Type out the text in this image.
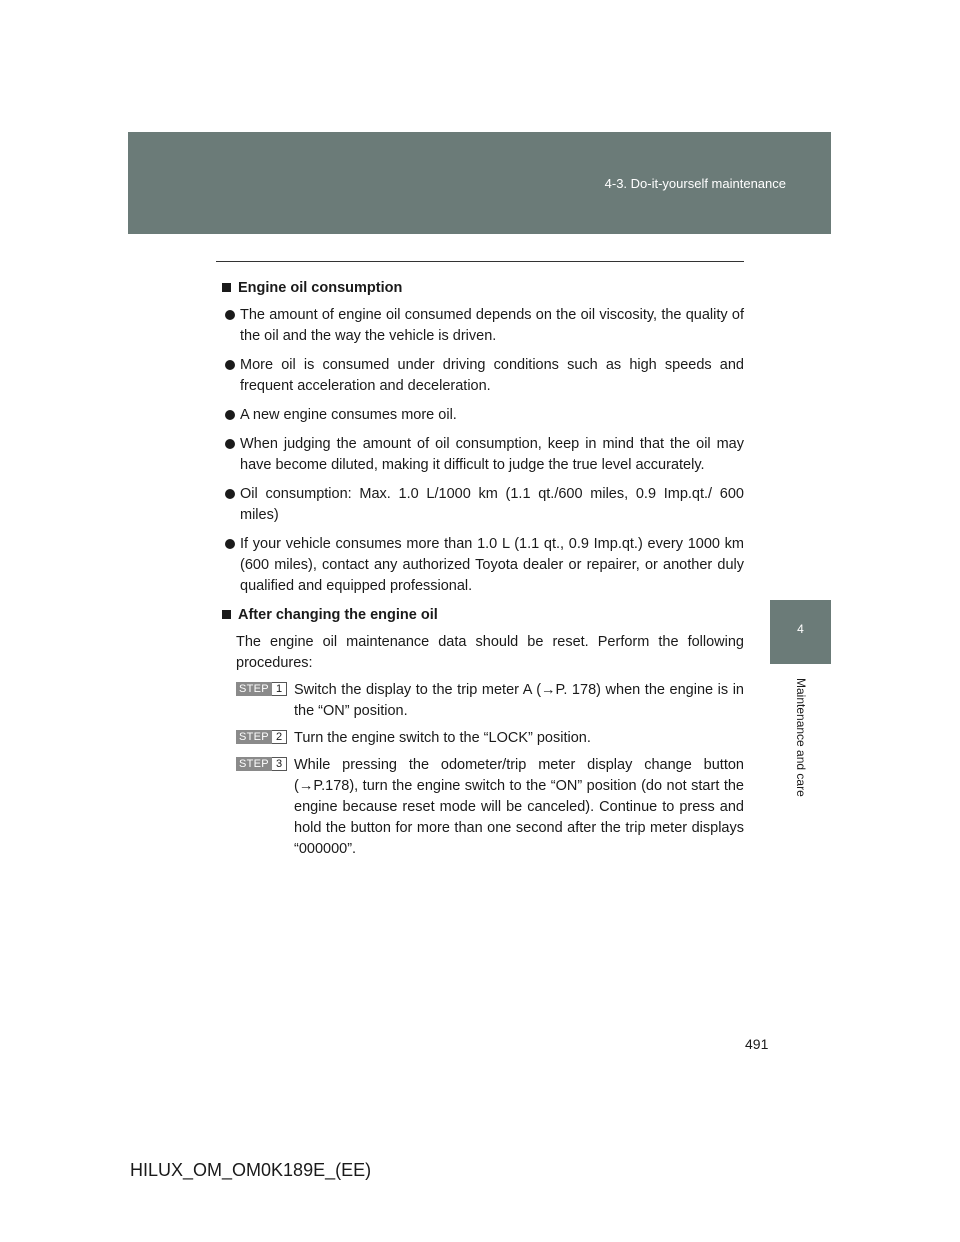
4-3. Do-it-yourself maintenance
4
Maintenance and care
Engine oil consumption
The amount of engine oil consumed depends on the oil viscosity, the quality of the oil and the way the vehicle is driven.
More oil is consumed under driving conditions such as high speeds and frequent acceleration and deceleration.
A new engine consumes more oil.
When judging the amount of oil consumption, keep in mind that the oil may have become diluted, making it difficult to judge the true level accurately.
Oil consumption: Max. 1.0 L/1000 km (1.1 qt./600 miles, 0.9 Imp.qt./ 600 miles)
If your vehicle consumes more than 1.0 L (1.1 qt., 0.9 Imp.qt.) every 1000 km (600 miles), contact any authorized Toyota dealer or repairer, or another duly qualified and equipped professional.
After changing the engine oil
The engine oil maintenance data should be reset. Perform the following procedures:
STEP 1 Switch the display to the trip meter A (→P. 178) when the engine is in the “ON” position.
STEP 2 Turn the engine switch to the “LOCK” position.
STEP 3 While pressing the odometer/trip meter display change button (→P.178), turn the engine switch to the “ON” position (do not start the engine because reset mode will be canceled). Continue to press and hold the button for more than one second after the trip meter displays “000000”.
491
HILUX_OM_OM0K189E_(EE)
